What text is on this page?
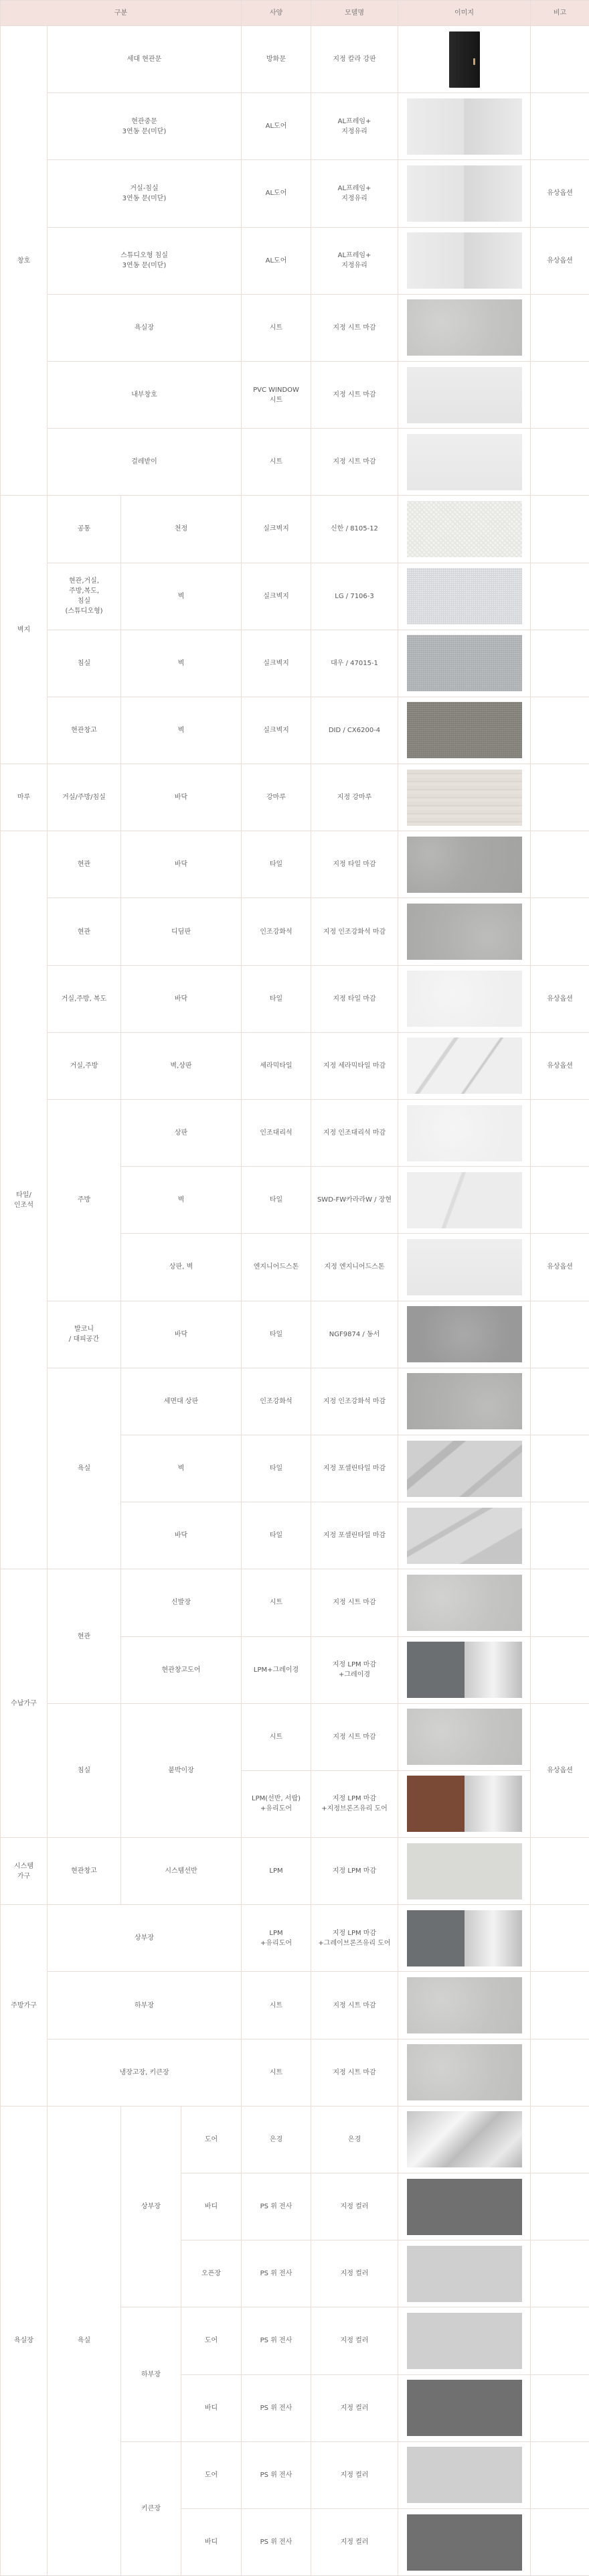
구분				사양	모델명	이미지	비고
창호	세대 현관문			방화문	지정 칼라 강판	

	현관중문
3연동 문(미닫)			AL도어	AL프레임+
지정유리	

	거실-침실
3연동 문(미닫)			AL도어	AL프레임+
지정유리		유상옵션
	스튜디오형 침실
3연동 문(미닫)			AL도어	AL프레임+
지정유리		유상옵션
	욕실장			시트	지정 시트 마감	

	내부창호			PVC WINDOW
시트	지정 시트 마감	

	걸레받이			시트	지정 시트 마감	

벽지	공통	천정		실크벽지	신한 / 8105-12	

	현관,거실,
주방,복도,
침실
(스튜디오형)	벽		실크벽지	LG / 7106-3	

	침실	벽		실크벽지	대우 / 47015-1	

	현관창고	벽		실크벽지	DID / CX6200-4	

마루	거실/주방/침실	바닥		강마루	지정 강마루	

타일/
인조석	현관	바닥		타일	지정 타일 마감	

	현관	디딤판		인조강화석	지정 인조강화석 마감	

	거실,주방, 복도	바닥		타일	지정 타일 마감		유상옵션
	거실,주방	벽,상판		세라믹타일	지정 세라믹타일 마감		유상옵션
	주방	상판		인조대리석	지정 인조대리석 마감	

		벽		타일	SWD-FW카라라W / 장현	

		상판, 벽		엔지니어드스톤	지정 엔지니어드스톤		유상옵션
	발코니
/ 대피공간	바닥		타일	NGF9874 / 동서	

	욕실	세면대 상판		인조강화석	지정 인조강화석 마감	

		벽		타일	지정 포셀린타일 마감	

		바닥		타일	지정 포셀린타일 마감	

수납가구	현관	신발장		시트	지정 시트 마감	

		현관창고도어		LPM+그레이경	지정 LPM 마감
+그레이경	

	침실	붙박이장		시트	지정 시트 마감		유상옵션
				LPM(선반, 서랍)
+유리도어	지정 LPM 마감
+지정브론즈유리 도어		

시스템
가구	현관창고	시스템선반		LPM	지정 LPM 마감	

주방가구	상부장			LPM
+유리도어	지정 LPM 마감
+그레이브론즈유리 도어	

	하부장			시트	지정 시트 마감	

	냉장고장, 키큰장			시트	지정 시트 마감	

욕실장	욕실	상부장	도어	은경	은경	

			바디	PS 위 전사	지정 컬러	

			오픈장	PS 위 전사	지정 컬러	

		하부장	도어	PS 위 전사	지정 컬러	

			바디	PS 위 전사	지정 컬러	

		키큰장	도어	PS 위 전사	지정 컬러	

			바디	PS 위 전사	지정 컬러	
